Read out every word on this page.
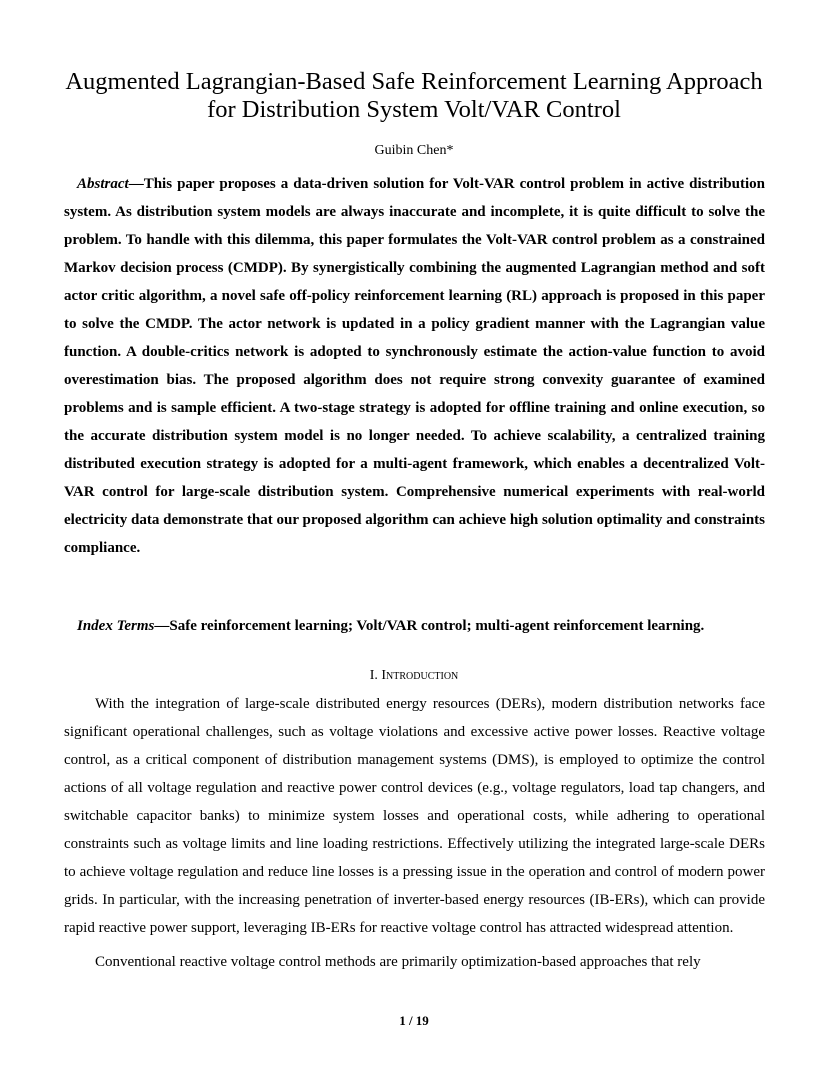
Augmented Lagrangian-Based Safe Reinforcement Learning Approach
for Distribution System Volt/VAR Control
Guibin Chen*
Abstract—This paper proposes a data-driven solution for Volt-VAR control problem in active distribution system. As distribution system models are always inaccurate and incomplete, it is quite difficult to solve the problem. To handle with this dilemma, this paper formulates the Volt-VAR control problem as a constrained Markov decision process (CMDP). By synergistically combining the augmented Lagrangian method and soft actor critic algorithm, a novel safe off-policy reinforcement learning (RL) approach is proposed in this paper to solve the CMDP. The actor network is updated in a policy gradient manner with the Lagrangian value function. A double-critics network is adopted to synchronously estimate the action-value function to avoid overestimation bias. The proposed algorithm does not require strong convexity guarantee of examined problems and is sample efficient. A two-stage strategy is adopted for offline training and online execution, so the accurate distribution system model is no longer needed. To achieve scalability, a centralized training distributed execution strategy is adopted for a multi-agent framework, which enables a decentralized Volt-VAR control for large-scale distribution system. Comprehensive numerical experiments with real-world electricity data demonstrate that our proposed algorithm can achieve high solution optimality and constraints compliance.
Index Terms—Safe reinforcement learning; Volt/VAR control; multi-agent reinforcement learning.
I. Introduction

With the integration of large-scale distributed energy resources (DERs), modern distribution networks face significant operational challenges, such as voltage violations and excessive active power losses. Reactive voltage control, as a critical component of distribution management systems (DMS), is employed to optimize the control actions of all voltage regulation and reactive power control devices (e.g., voltage regulators, load tap changers, and switchable capacitor banks) to minimize system losses and operational costs, while adhering to operational constraints such as voltage limits and line loading restrictions. Effectively utilizing the integrated large-scale DERs to achieve voltage regulation and reduce line losses is a pressing issue in the operation and control of modern power grids. In particular, with the increasing penetration of inverter-based energy resources (IB-ERs), which can provide rapid reactive power support, leveraging IB-ERs for reactive voltage control has attracted widespread attention.

Conventional reactive voltage control methods are primarily optimization-based approaches that rely

1 / 19
